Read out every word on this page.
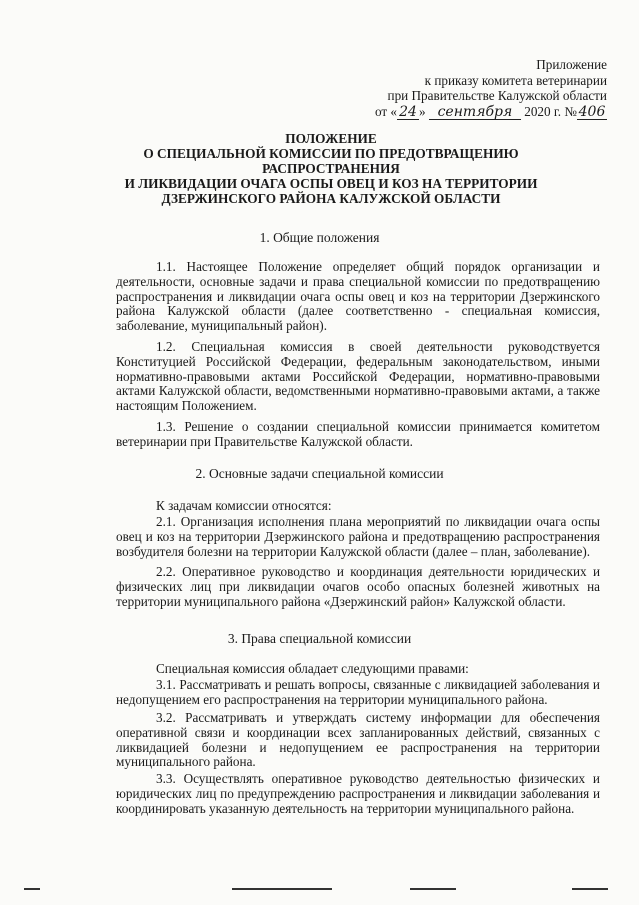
Приложение
к приказу комитета ветеринарии
при Правительстве Калужской области
от « 24 » сентября 2020 г. № 406
ПОЛОЖЕНИЕ
О СПЕЦИАЛЬНОЙ КОМИССИИ ПО ПРЕДОТВРАЩЕНИЮ
РАСПРОСТРАНЕНИЯ
И ЛИКВИДАЦИИ ОЧАГА ОСПЫ ОВЕЦ И КОЗ НА ТЕРРИТОРИИ
ДЗЕРЖИНСКОГО РАЙОНА КАЛУЖСКОЙ ОБЛАСТИ
1. Общие положения
1.1. Настоящее Положение определяет общий порядок организации и деятельности, основные задачи и права специальной комиссии по предотвращению распространения и ликвидации очага оспы овец и коз на территории Дзержинского района Калужской области (далее соответственно - специальная комиссия, заболевание, муниципальный район).
1.2. Специальная комиссия в своей деятельности руководствуется Конституцией Российской Федерации, федеральным законодательством, иными нормативно-правовыми актами Российской Федерации, нормативно-правовыми актами Калужской области, ведомственными нормативно-правовыми актами, а также настоящим Положением.
1.3. Решение о создании специальной комиссии принимается комитетом ветеринарии при Правительстве Калужской области.
2. Основные задачи специальной комиссии
К задачам комиссии относятся:
2.1. Организация исполнения плана мероприятий по ликвидации очага оспы овец и коз на территории Дзержинского района и предотвращению распространения возбудителя болезни на территории Калужской области (далее – план, заболевание).
2.2. Оперативное руководство и координация деятельности юридических и физических лиц при ликвидации очагов особо опасных болезней животных на территории муниципального района «Дзержинский район» Калужской области.
3. Права специальной комиссии
Специальная комиссия обладает следующими правами:
3.1. Рассматривать и решать вопросы, связанные с ликвидацией заболевания и недопущением его распространения на территории муниципального района.
3.2. Рассматривать и утверждать систему информации для обеспечения оперативной связи и координации всех запланированных действий, связанных с ликвидацией болезни и недопущением ее распространения на территории муниципального района.
3.3. Осуществлять оперативное руководство деятельностью физических и юридических лиц по предупреждению распространения и ликвидации заболевания и координировать указанную деятельность на территории муниципального района.
